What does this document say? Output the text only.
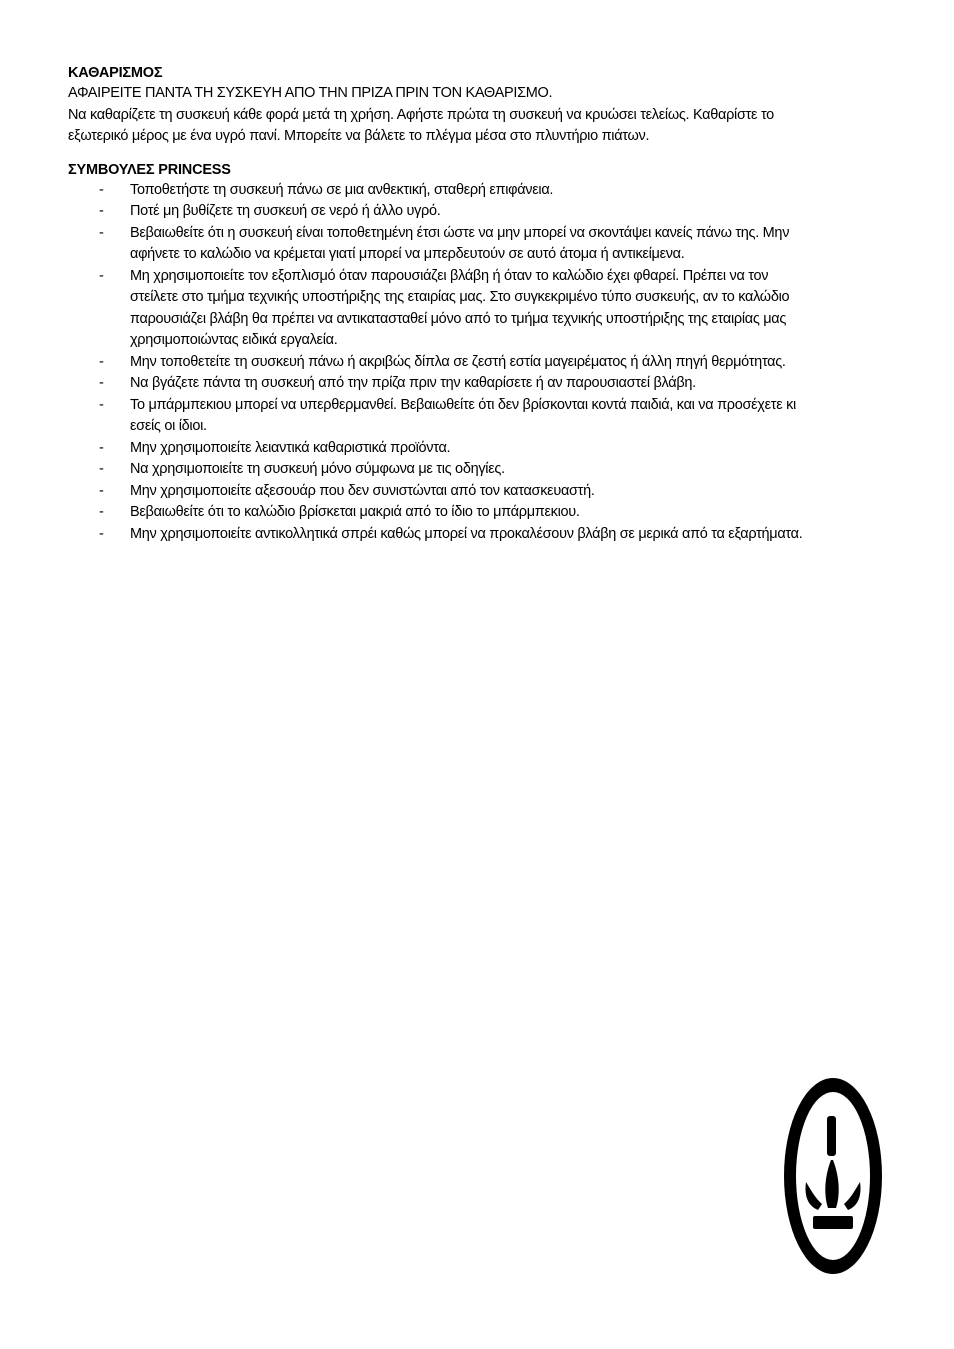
ΚΑΘΑΡΙΣΜΟΣ

ΑΦΑΙΡΕΙΤΕ ΠΑΝΤΑ ΤΗ ΣΥΣΚΕΥΗ ΑΠΟ ΤΗΝ ΠΡΙΖΑ ΠΡΙΝ ΤΟΝ ΚΑΘΑΡΙΣΜΟ.

Να καθαρίζετε τη συσκευή κάθε φορά μετά τη χρήση. Αφήστε πρώτα τη συσκευή να κρυώσει τελείως. Καθαρίστε το

εξωτερικό μέρος με ένα υγρό πανί. Μπορείτε να βάλετε το πλέγμα μέσα στο πλυντήριο πιάτων.

ΣΥΜΒΟΥΛΕΣ PRINCESS

- Τοποθετήστε τη συσκευή πάνω σε μια ανθεκτική, σταθερή επιφάνεια.
- Ποτέ μη βυθίζετε τη συσκευή σε νερό ή άλλο υγρό.
- Βεβαιωθείτε ότι η συσκευή είναι τοποθετημένη έτσι ώστε να μην μπορεί να σκοντάψει κανείς πάνω της. Μην
αφήνετε το καλώδιο να κρέμεται γιατί μπορεί να μπερδευτούν σε αυτό άτομα ή αντικείμενα.
- Μη χρησιμοποιείτε τον εξοπλισμό όταν παρουσιάζει βλάβη ή όταν το καλώδιο έχει φθαρεί. Πρέπει να τον
στείλετε στο τμήμα τεχνικής υποστήριξης της εταιρίας μας. Στο συγκεκριμένο τύπο συσκευής, αν το καλώδιο
παρουσιάζει βλάβη θα πρέπει να αντικατασταθεί μόνο από το τμήμα τεχνικής υποστήριξης της εταιρίας μας
χρησιμοποιώντας ειδικά εργαλεία.
- Μην τοποθετείτε τη συσκευή πάνω ή ακριβώς δίπλα σε ζεστή εστία μαγειρέματος ή άλλη πηγή θερμότητας.
- Να βγάζετε πάντα τη συσκευή από την πρίζα πριν την καθαρίσετε ή αν παρουσιαστεί βλάβη.
- Το μπάρμπεκιου μπορεί να υπερθερμανθεί. Βεβαιωθείτε ότι δεν βρίσκονται κοντά παιδιά, και να προσέχετε κι
εσείς οι ίδιοι.
- Μην χρησιμοποιείτε λειαντικά καθαριστικά προϊόντα.
- Να χρησιμοποιείτε τη συσκευή μόνο σύμφωνα με τις οδηγίες.
- Μην χρησιμοποιείτε αξεσουάρ που δεν συνιστώνται από τον κατασκευαστή.
- Βεβαιωθείτε ότι το καλώδιο βρίσκεται μακριά από το ίδιο το μπάρμπεκιου.
- Μην χρησιμοποιείτε αντικολλητικά σπρέι καθώς μπορεί να προκαλέσουν βλάβη σε μερικά από τα εξαρτήματα.
